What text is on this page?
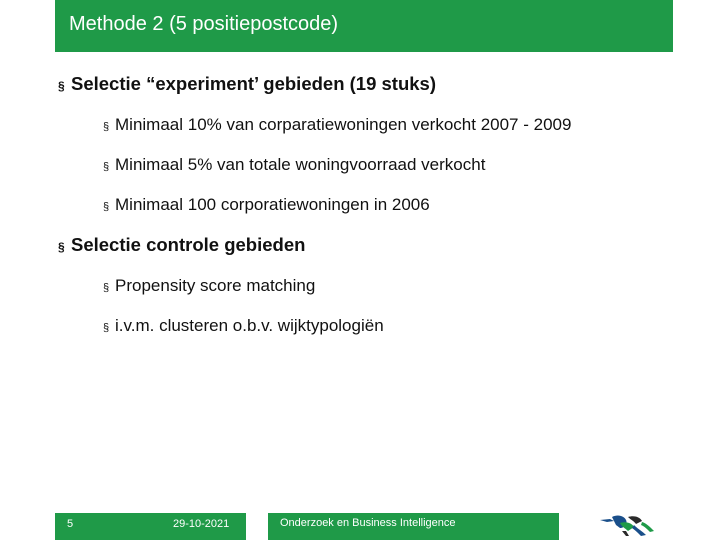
Methode 2 (5 positiepostcode)
§ Selectie “experiment’ gebieden (19 stuks)
§ Minimaal 10% van corparatiewoningen verkocht 2007 - 2009
§ Minimaal 5% van totale woningvoorraad verkocht
§ Minimaal 100 corporatiewoningen in 2006
§ Selectie controle gebieden
§ Propensity score matching
§ i.v.m. clusteren o.b.v. wijktypologiën
5	29-10-2021	Onderzoek en Business Intelligence
